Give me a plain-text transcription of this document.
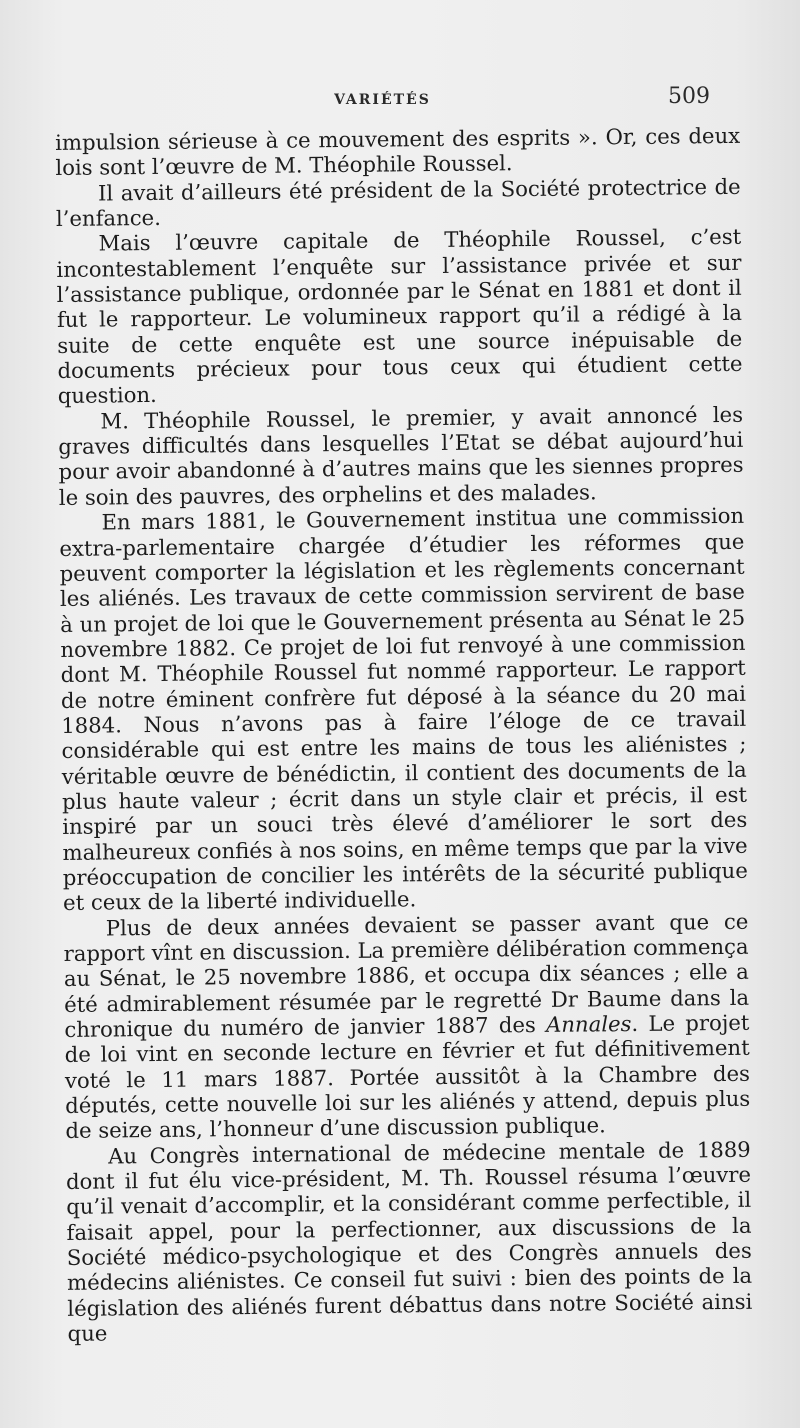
VARIÉTÉS	509

impulsion sérieuse à ce mouvement des esprits ». Or, ces deux lois sont l’œuvre de M. Théophile Roussel.

Il avait d’ailleurs été président de la Société protectrice de l’enfance.

Mais l’œuvre capitale de Théophile Roussel, c’est incontestablement l’enquête sur l’assistance privée et sur l’assistance publique, ordonnée par le Sénat en 1881 et dont il fut le rapporteur. Le volumineux rapport qu’il a rédigé à la suite de cette enquête est une source inépuisable de documents précieux pour tous ceux qui étudient cette question.

M. Théophile Roussel, le premier, y avait annoncé les graves difficultés dans lesquelles l’Etat se débat aujourd’hui pour avoir abandonné à d’autres mains que les siennes propres le soin des pauvres, des orphelins et des malades.

En mars 1881, le Gouvernement institua une commission extra-parlementaire chargée d’étudier les réformes que peuvent comporter la législation et les règlements concernant les aliénés. Les travaux de cette commission servirent de base à un projet de loi que le Gouvernement présenta au Sénat le 25 novembre 1882. Ce projet de loi fut renvoyé à une commission dont M. Théophile Roussel fut nommé rapporteur. Le rapport de notre éminent confrère fut déposé à la séance du 20 mai 1884. Nous n’avons pas à faire l’éloge de ce travail considérable qui est entre les mains de tous les aliénistes ; véritable œuvre de bénédictin, il contient des documents de la plus haute valeur ; écrit dans un style clair et précis, il est inspiré par un souci très élevé d’améliorer le sort des malheureux confiés à nos soins, en même temps que par la vive préoccupation de concilier les intérêts de la sécurité publique et ceux de la liberté individuelle.

Plus de deux années devaient se passer avant que ce rapport vînt en discussion. La première délibération commença au Sénat, le 25 novembre 1886, et occupa dix séances ; elle a été admirablement résumée par le regretté Dr Baume dans la chronique du numéro de janvier 1887 des Annales. Le projet de loi vint en seconde lecture en février et fut définitivement voté le 11 mars 1887. Portée aussitôt à la Chambre des députés, cette nouvelle loi sur les aliénés y attend, depuis plus de seize ans, l’honneur d’une discussion publique.

Au Congrès international de médecine mentale de 1889 dont il fut élu vice-président, M. Th. Roussel résuma l’œuvre qu’il venait d’accomplir, et la considérant comme perfectible, il faisait appel, pour la perfectionner, aux discussions de la Société médico-psychologique et des Congrès annuels des médecins aliénistes. Ce conseil fut suivi : bien des points de la législation des aliénés furent débattus dans notre Société ainsi que
